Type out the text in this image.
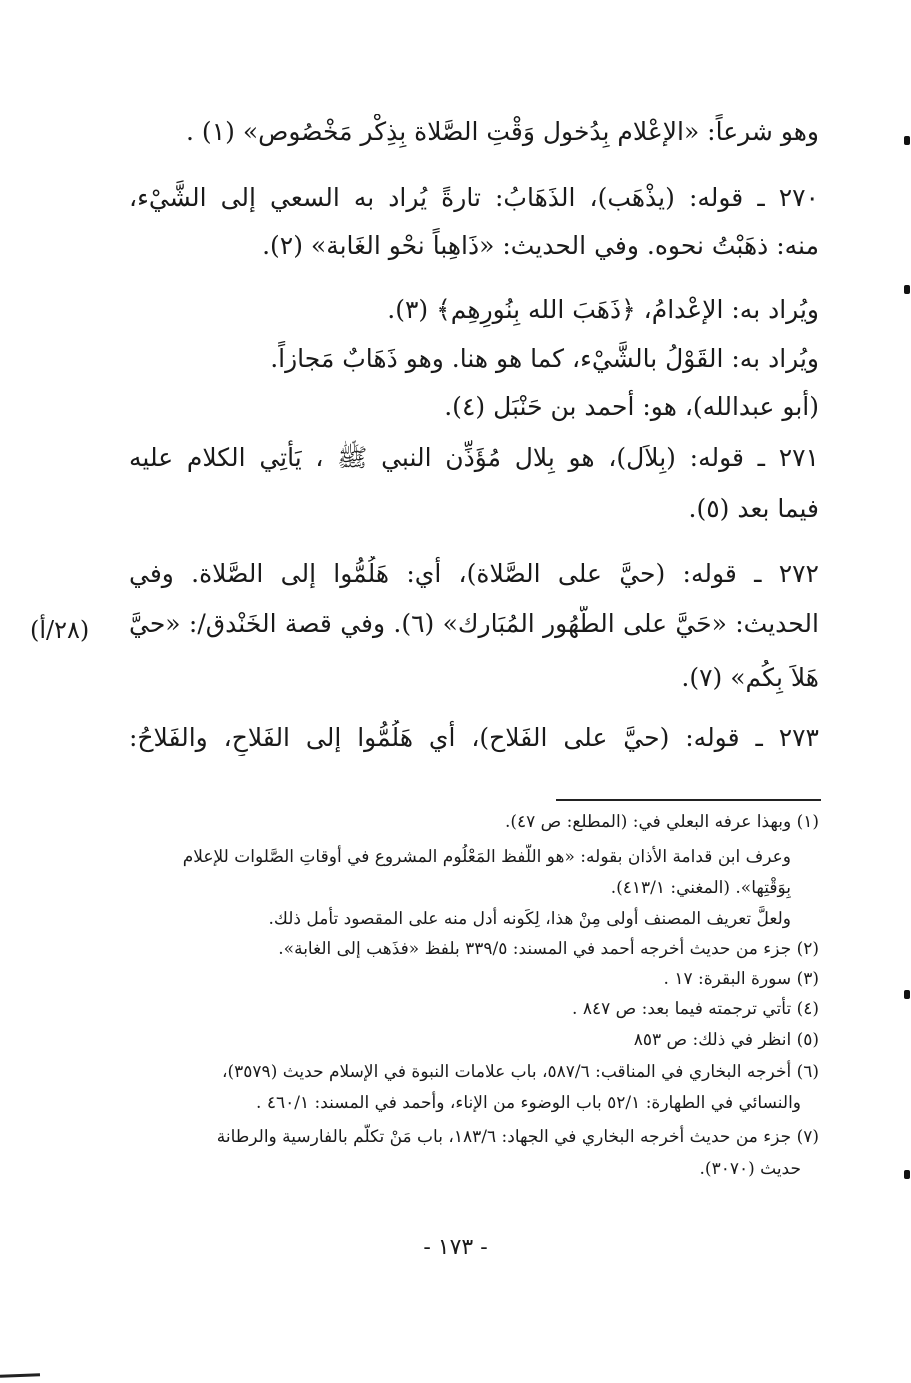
وهو شرعاً: «الإعْلام بِدُخول وَقْتِ الصَّلاة بِذِكْر مَخْصُوص» (١) .
٢٧٠ ـ قوله: (يذْهَب)، الذَهَابُ: تارةً يُراد به السعي إلى الشَّيْء،
منه: ذهَبْتُ نحوه. وفي الحديث: «ذَاهِباً نحْو الغَابة» (٢).
ويُراد به: الإعْدامُ، ﴿ذَهَبَ الله بِنُورِهِم﴾ (٣).
ويُراد به: القَوْلُ بالشَّيْء، كما هو هنا. وهو ذَهَابٌ مَجازاً.
(أبو عبدالله)، هو: أحمد بن حَنْبَل (٤).
٢٧١ ـ قوله: (بِلاَل)، هو بِلال مُؤَذِّن النبي ﷺ ، يَأْتِي الكلام عليه
فيما بعد (٥).
٢٧٢ ـ قوله: (حيَّ على الصَّلاة)، أي: هَلُمُّوا إلى الصَّلاة. وفي
الحديث: «حَيَّ على الطَّهُور المُبَارك» (٦). وفي قصة الخَنْدق/: «حيَّ
هَلاَ بِكُم» (٧).
٢٧٣ ـ قوله: (حيَّ على الفَلاح)، أي هَلُمُّوا إلى الفَلاحِ، والفَلاحُ:
(٢٨/أ)
(١) وبهذا عرفه البعلي في: (المطلع: ص ٤٧).
وعرف ابن قدامة الأذان بقوله: «هو اللَّفظ المَعْلُوم المشروع في أوقاتِ الصَّلوات للإعلام
بِوَقْتِها». (المغني: ٤١٣/١).
ولعلَّ تعريف المصنف أولى مِنْ هذا، لِكَونه أدل منه على المقصود تأمل ذلك.
(٢) جزء من حديث أخرجه أحمد في المسند: ٣٣٩/٥ بلفظ «فذَهب إلى الغابة».
(٣) سورة البقرة: ١٧ .
(٤) تأتي ترجمته فيما بعد: ص ٨٤٧ .
(٥) انظر في ذلك: ص ٨٥٣
(٦) أخرجه البخاري في المناقب: ٥٨٧/٦، باب علامات النبوة في الإسلام حديث (٣٥٧٩)،
والنسائي في الطهارة: ٥٢/١ باب الوضوء من الإناء، وأحمد في المسند: ٤٦٠/١ .
(٧) جزء من حديث أخرجه البخاري في الجهاد: ١٨٣/٦، باب مَنْ تكلّم بالفارسية والرطانة
حديث (٣٠٧٠).
- ١٧٣ -
